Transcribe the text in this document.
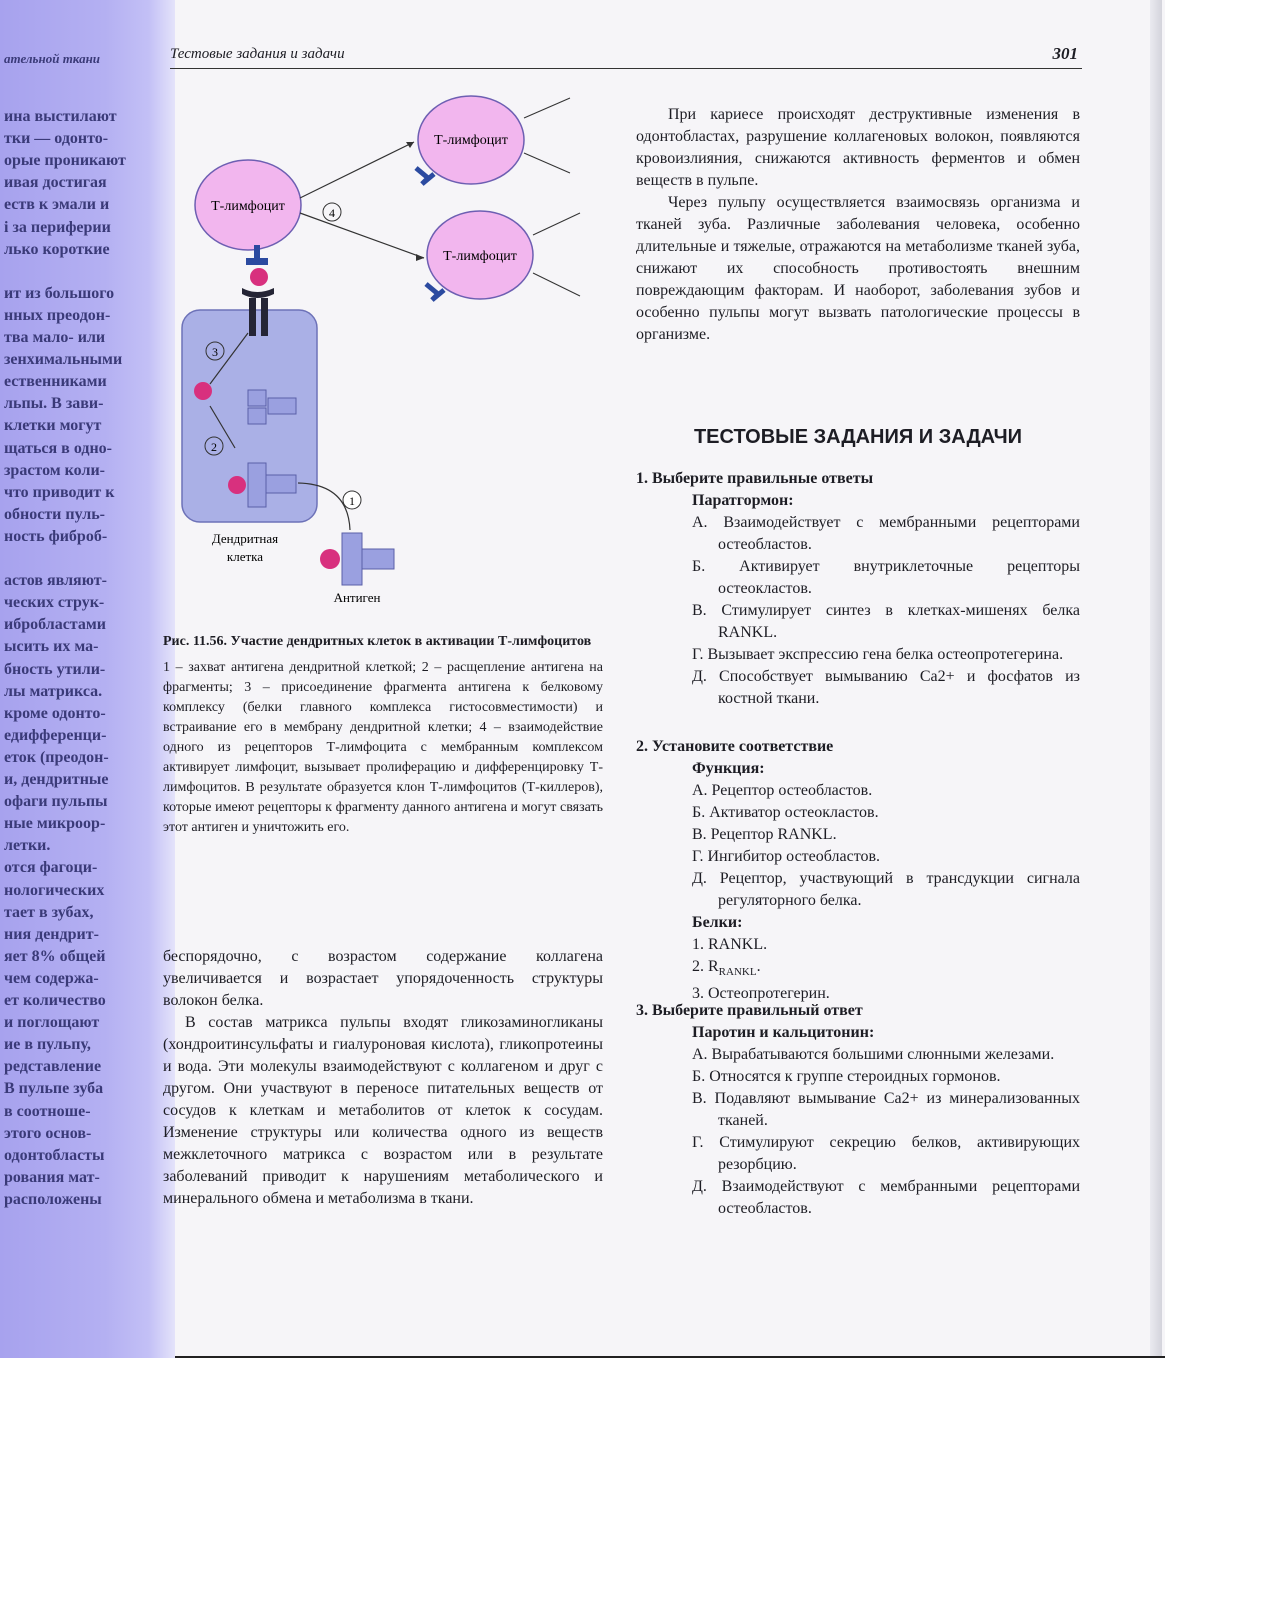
ательной ткани
ина выстилают
тки — одонто-
орые проникают
ивая достигая
еств к эмали и
і за периферии
лько короткие
ит из большого
нных преодон-
тва мало- или
зенхимальными
ественниками
льпы. В зави-
клетки могут
щаться в одно-
зрастом коли-
что приводит к
обности пуль-
ность фиброб-
астов являют-
ческих струк-
ибробластами
ысить их ма-
бность утили-
лы матрикса.
кроме одонто-
едифференци-
еток (преодон-
и, дендритные
офаги пульпы
ные микроор-
летки.
отся фагоци-
нологических
тает в зубах,
ния дендрит-
яет 8% общей
чем содержа-
ет количество
и поглощают
ие в пульпу,
редставление
В пульпе зуба
в соотноше-
этого основ-
одонтобласты
рования мат-
расположены
Тестовые задания и задачи	301
Т-лимфоцит
Т-лимфоцит
Т-лимфоцит
4
3
2
1
Дендритная
клетка
Антиген
Рис. 11.56. Участие дендритных клеток в активации Т-лимфоцитов
1 – захват антигена дендритной клеткой; 2 – расщепление антигена на фрагменты; 3 – присоединение фрагмента антигена к белковому комплексу (белки главного комплекса гистосовместимости) и встраивание его в мембрану дендритной клетки; 4 – взаимодействие одного из рецепторов Т-лимфоцита с мембранным комплексом активирует лимфоцит, вызывает пролиферацию и дифференцировку Т-лимфоцитов. В результате образуется клон Т-лимфоцитов (Т-киллеров), которые имеют рецепторы к фрагменту данного антигена и могут связать этот антиген и уничтожить его.

беспорядочно, с возрастом содержание коллагена увеличивается и возрастает упорядоченность структуры волокон белка.

В состав матрикса пульпы входят гликозаминогликаны (хондроитинсульфаты и гиалуроновая кислота), гликопротеины и вода. Эти молекулы взаимодействуют с коллагеном и друг с другом. Они участвуют в переносе питательных веществ от сосудов к клеткам и метаболитов от клеток к сосудам. Изменение структуры или количества одного из веществ межклеточного матрикса с возрастом или в результате заболеваний приводит к нарушениям метаболического и минерального обмена и метаболизма в ткани.

При кариесе происходят деструктивные изменения в одонтобластах, разрушение коллагеновых волокон, появляются кровоизлияния, снижаются активность ферментов и обмен веществ в пульпе.

Через пульпу осуществляется взаимосвязь организма и тканей зуба. Различные заболевания человека, особенно длительные и тяжелые, отражаются на метаболизме тканей зуба, снижают их способность противостоять внешним повреждающим факторам. И наоборот, заболевания зубов и особенно пульпы могут вызвать патологические процессы в организме.

ТЕСТОВЫЕ ЗАДАНИЯ И ЗАДАЧИ
1. Выберите правильные ответы
Паратгормон:
А. Взаимодействует с мембранными рецепторами остеобластов.
Б. Активирует внутриклеточные рецепторы остеокластов.
В. Стимулирует синтез в клетках-мишенях белка RANKL.
Г. Вызывает экспрессию гена белка остеопротегерина.
Д. Способствует вымыванию Ca2+ и фосфатов из костной ткани.
2. Установите соответствие
Функция:
А. Рецептор остеобластов.
Б. Активатор остеокластов.
В. Рецептор RANKL.
Г. Ингибитор остеобластов.
Д. Рецептор, участвующий в трансдукции сигнала регуляторного белка.
Белки:
1. RANKL.
2. $R_{RANKL}$.
3. Остеопротегерин.
3. Выберите правильный ответ
Паротин и кальцитонин:
А. Вырабатываются большими слюнными железами.
Б. Относятся к группе стероидных гормонов.
В. Подавляют вымывание Ca2+ из минерализованных тканей.
Г. Стимулируют секрецию белков, активирующих резорбцию.
Д. Взаимодействуют с мембранными рецепторами остеобластов.
